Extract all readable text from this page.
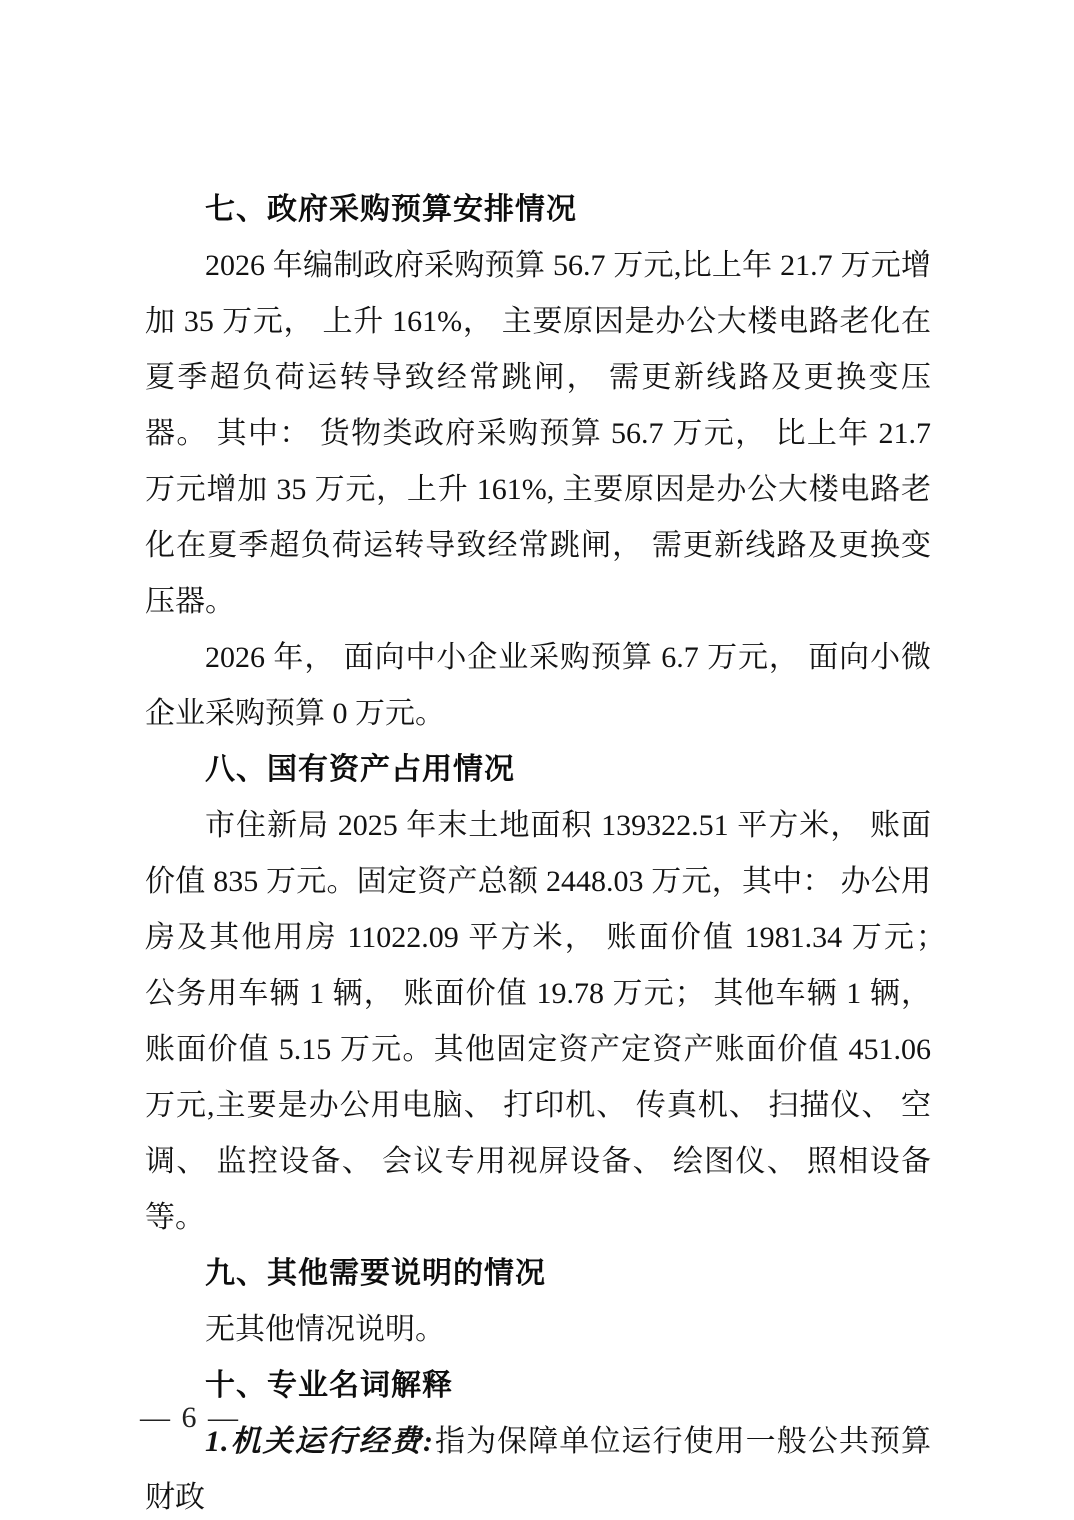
七、政府采购预算安排情况

2026 年编制政府采购预算 56.7 万元,比上年 21.7 万元增加 35 万元， 上升 161%， 主要原因是办公大楼电路老化在夏季超负荷运转导致经常跳闸， 需更新线路及更换变压器。 其中： 货物类政府采购预算 56.7 万元， 比上年 21.7 万元增加 35 万元，上升 161%, 主要原因是办公大楼电路老化在夏季超负荷运转导致经常跳闸， 需更新线路及更换变压器。

2026 年， 面向中小企业采购预算 6.7 万元， 面向小微企业采购预算 0 万元。

八、国有资产占用情况

市住新局 2025 年末土地面积 139322.51 平方米， 账面价值 835 万元。固定资产总额 2448.03 万元，其中： 办公用房及其他用房 11022.09 平方米， 账面价值 1981.34 万元；　公务用车辆 1 辆， 账面价值 19.78 万元； 其他车辆 1 辆， 账面价值 5.15 万元。其他固定资产定资产账面价值 451.06 万元,主要是办公用电脑、 打印机、 传真机、 扫描仪、 空调、 监控设备、 会议专用视屏设备、 绘图仪、 照相设备等。

九、其他需要说明的情况

无其他情况说明。

十、专业名词解释

1.机关运行经费:指为保障单位运行使用一般公共预算财政

— 6 —
